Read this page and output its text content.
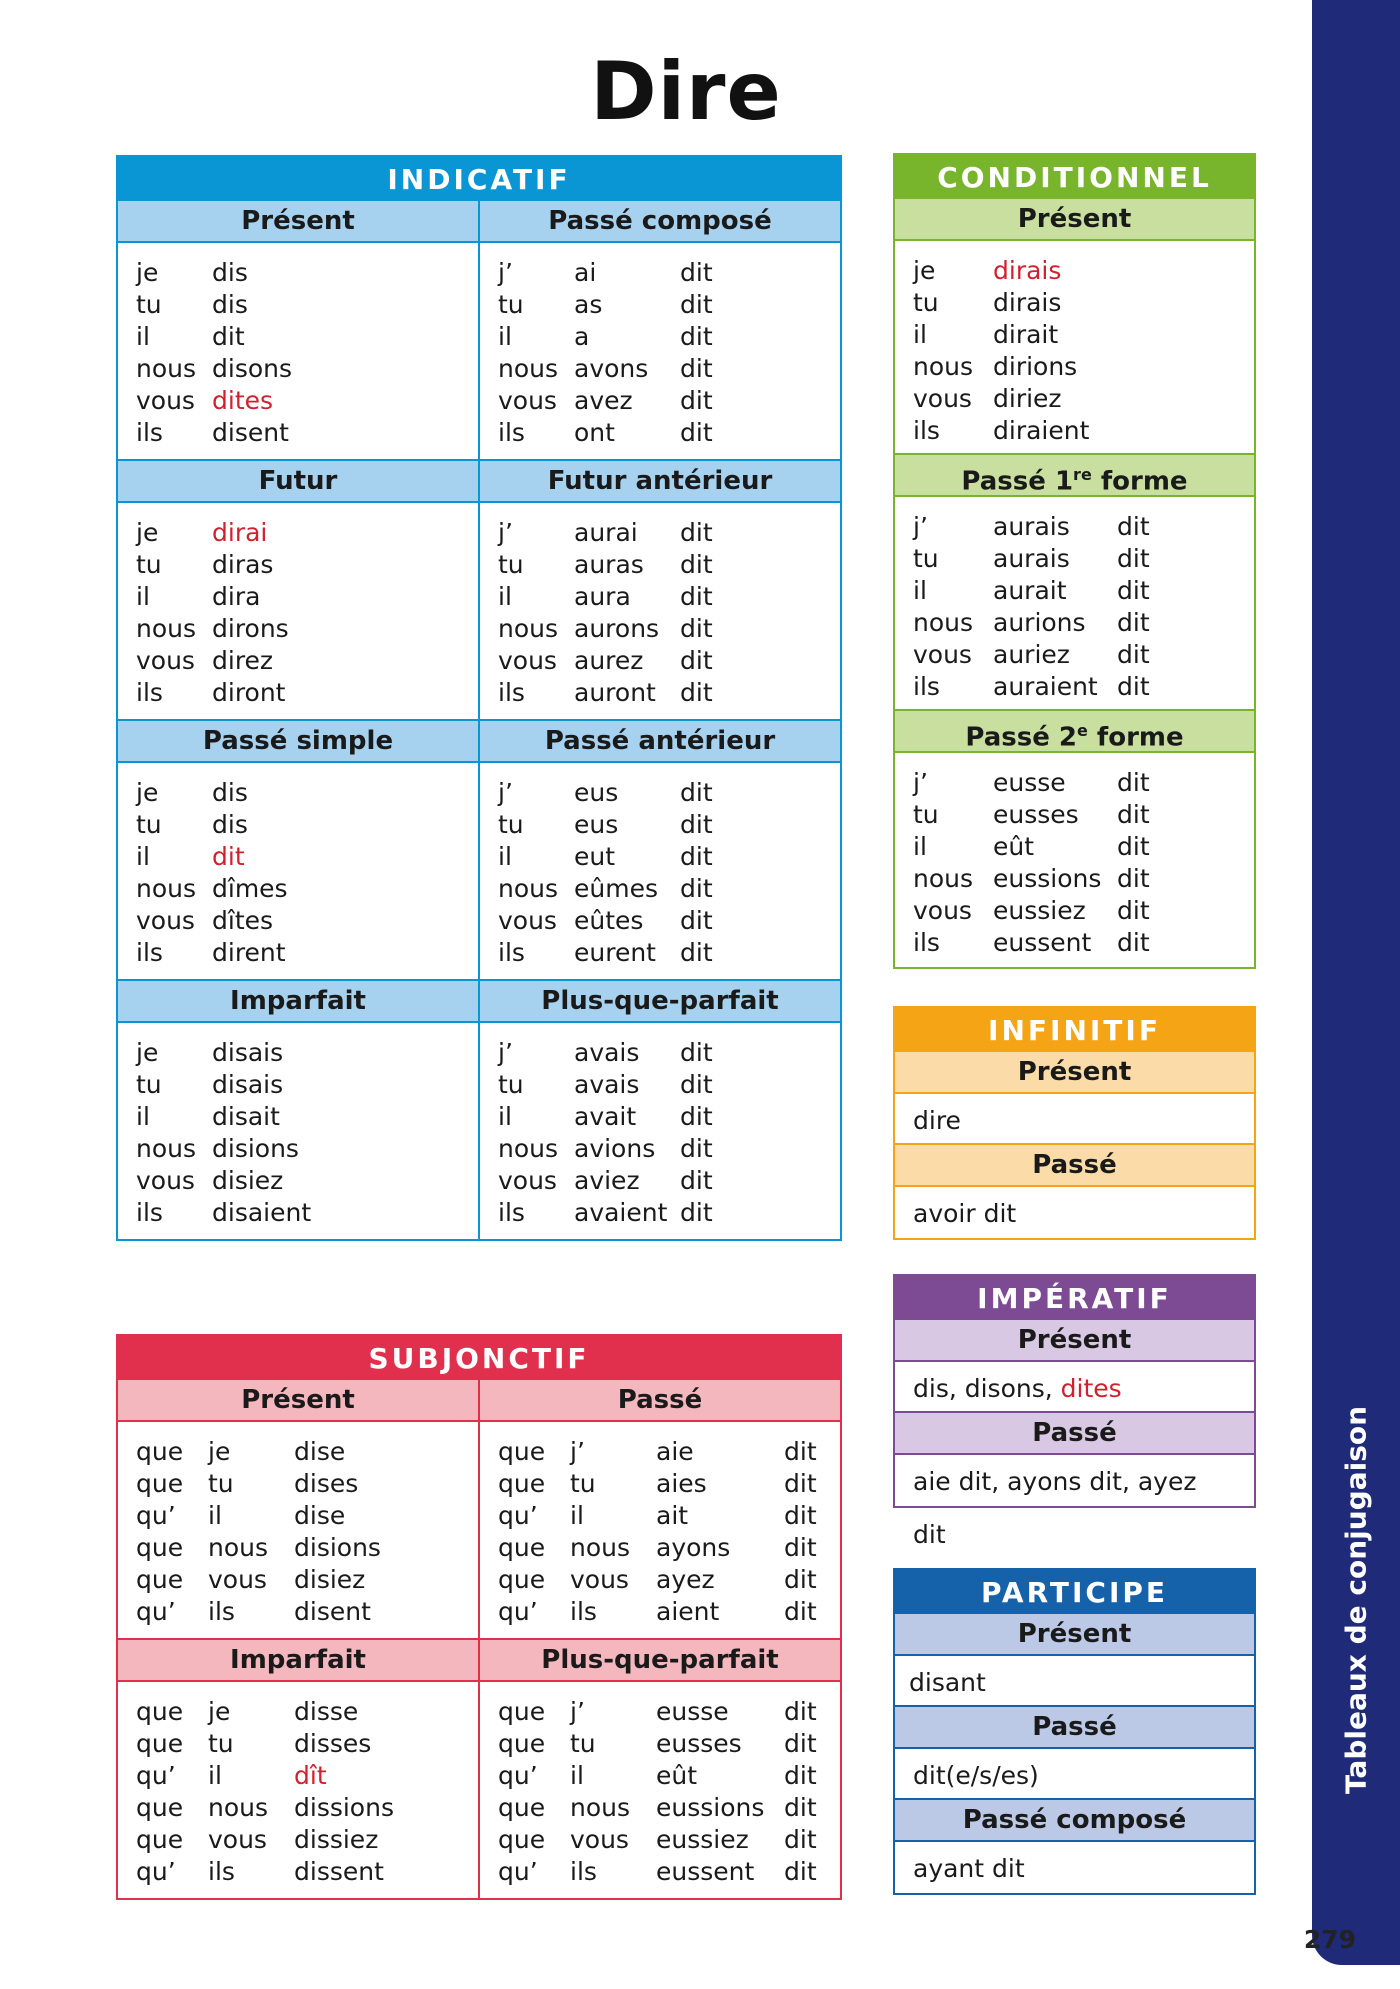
Dire
INDICATIF
Présent	Passé composé
je	dis
tu	dis
il	dit
nous disons
vous dites
ils	disent
j’	ai	dit
tu	as	dit
il	a	dit
nous avons	dit
vous avez	dit
ils	ont	dit
Futur	Futur antérieur
je	dirai
tu	diras
il	dira
nous dirons
vous direz
ils	diront
j’	aurai	dit
tu	auras	dit
il	aura	dit
nous aurons dit
vous aurez	dit
ils	auront dit
Passé simple	Passé antérieur
je	dis
tu	dis
il	dit
nous dîmes
vous dîtes
ils	dirent
j’	eus	dit
tu	eus	dit
il	eut	dit
nous eûmes dit
vous eûtes	dit
ils	eurent dit
Imparfait	Plus-que-parfait
je	disais
tu	disais
il	disait
nous disions
vous disiez
ils	disaient
j’	avais	dit
tu	avais	dit
il	avait	dit
nous avions dit
vous aviez	dit
ils	avaient dit
CONDITIONNEL
Présent
je	dirais
tu	dirais
il	dirait
nous dirions
vous diriez
ils	diraient
Passé 1re forme
j’	aurais	dit
tu	aurais	dit
il	aurait	dit
nous aurions	dit
vous auriez	dit
ils	auraient dit
Passé 2e forme
j’	eusse	dit
tu	eusses	dit
il	eût	dit
nous eussions dit
vous eussiez	dit
ils	eussent	dit
INFINITIF
Présent
dire
Passé
avoir dit
IMPÉRATIF
Présent
dis, disons, dites
Passé
aie dit, ayons dit, ayez dit
PARTICIPE
Présent
disant
Passé
dit(e/s/es)
Passé composé
ayant dit
SUBJONCTIF
Présent	Passé
que je	dise
que tu	dises
qu’	il	dise
que nous	disions
que vous	disiez
qu’	ils	disent
que j’	aie	dit
que tu	aies	dit
qu’	il	ait	dit
que nous	ayons	dit
que vous	ayez	dit
qu’	ils	aient	dit
Imparfait	Plus-que-parfait
que je	disse
que tu	disses
qu’	il	dît
que nous	dissions
que vous	dissiez
qu’	ils	dissent
que j’	eusse	dit
que tu	eusses	dit
qu’	il	eût	dit
que nous	eussions dit
que vous	eussiez	dit
qu’	ils	eussent	dit
Tableaux de conjugaison
279
